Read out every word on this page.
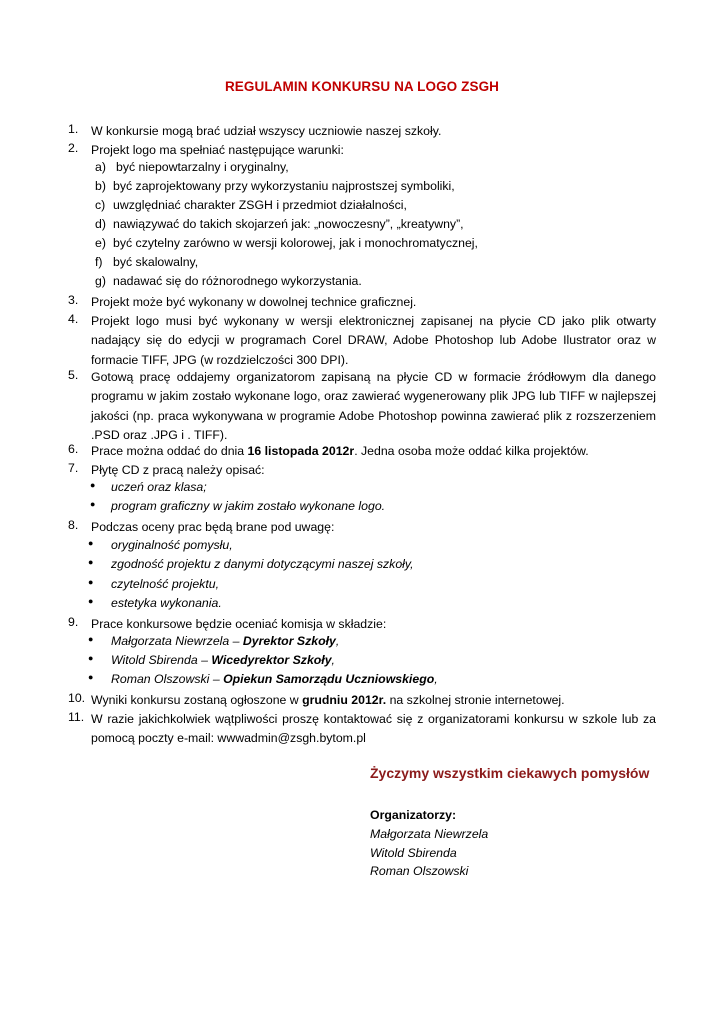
REGULAMIN KONKURSU NA LOGO ZSGH
1. W konkursie mogą brać udział wszyscy uczniowie naszej szkoły.
2. Projekt logo ma spełniać następujące warunki:
a) być niepowtarzalny i oryginalny,
b) być zaprojektowany przy wykorzystaniu najprostszej symboliki,
c) uwzględniać charakter ZSGH i przedmiot działalności,
d) nawiązywać do takich skojarzeń jak: „nowoczesny”, „kreatywny”,
e) być czytelny zarówno w wersji kolorowej, jak i monochromatycznej,
f) być skalowalny,
g) nadawać się do różnorodnego wykorzystania.
3. Projekt może być wykonany w dowolnej technice graficznej.
4. Projekt logo musi być wykonany w wersji elektronicznej zapisanej na płycie CD jako plik otwarty nadający się do edycji w programach Corel DRAW, Adobe Photoshop lub Adobe Ilustrator oraz w formacie TIFF, JPG (w rozdzielczości 300 DPI).
5. Gotową pracę oddajemy organizatorom zapisaną na płycie CD w formacie źródłowym dla danego programu w jakim zostało wykonane logo, oraz zawierać wygenerowany plik JPG lub TIFF w najlepszej jakości (np. praca wykonywana w programie Adobe Photoshop powinna zawierać plik z rozszerzeniem .PSD oraz .JPG i . TIFF).
6. Prace można oddać do dnia 16 listopada 2012r. Jedna osoba może oddać kilka projektów.
7. Płytę CD z pracą należy opisać:
● uczeń oraz klasa;
● program graficzny w jakim zostało wykonane logo.
8. Podczas oceny prac będą brane pod uwagę:
● oryginalność pomysłu,
● zgodność projektu z danymi dotyczącymi naszej szkoły,
● czytelność projektu,
● estetyka wykonania.
9. Prace konkursowe będzie oceniać komisja w składzie:
● Małgorzata Niewrzela – Dyrektor Szkoły,
● Witold Sbirenda – Wicedyrektor Szkoły,
● Roman Olszowski – Opiekun Samorządu Uczniowskiego,
10. Wyniki konkursu zostaną ogłoszone w grudniu 2012r. na szkolnej stronie internetowej.
11. W razie jakichkolwiek wątpliwości proszę kontaktować się z organizatorami konkursu w szkole lub za pomocą poczty e-mail: wwwadmin@zsgh.bytom.pl
Życzymy wszystkim ciekawych pomysłów
Organizatorzy:
Małgorzata Niewrzela
Witold Sbirenda
Roman Olszowski
